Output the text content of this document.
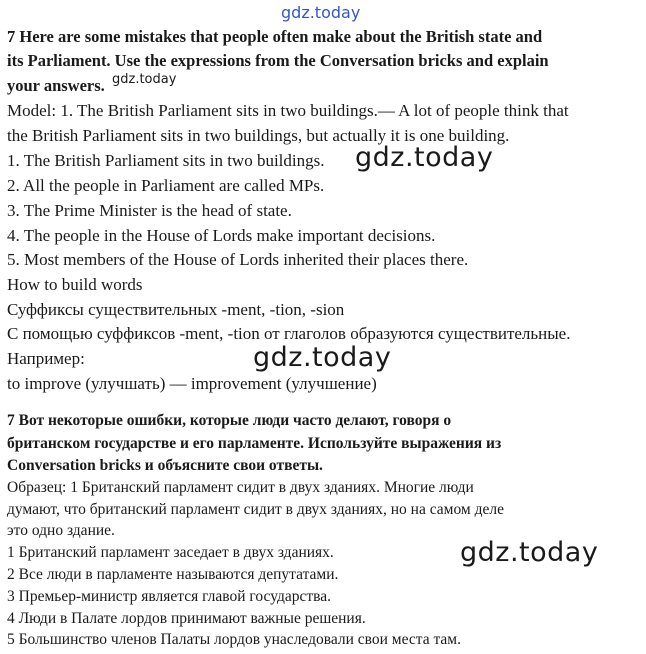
gdz.today
7 Here are some mistakes that people often make about the British state and
its Parliament. Use the expressions from the Conversation bricks and explain
your answers. gdz.today
Model: 1. The British Parliament sits in two buildings.— A lot of people think that
the British Parliament sits in two buildings, but actually it is one building.
1. The British Parliament sits in two buildings. gdz.today
2. All the people in Parliament are called MPs.
3. The Prime Minister is the head of state.
4. The people in the House of Lords make important decisions.
5. Most members of the House of Lords inherited their places there.
How to build words
Суффиксы существительных -ment, -tion, -sion
С помощью суффиксов -ment, -tion от глаголов образуются существительные.
Например:	gdz.today
to improve (улучшать) — improvement (улучшение)
7 Вот некоторые ошибки, которые люди часто делают, говоря о
британском государстве и его парламенте. Используйте выражения из
Conversation bricks и объясните свои ответы.
Образец: 1 Британский парламент сидит в двух зданиях. Многие люди
думают, что британский парламент сидит в двух зданиях, но на самом деле
это одно здание.
1 Британский парламент заседает в двух зданиях.	gdz.today
2 Все люди в парламенте называются депутатами.
3 Премьер-министр является главой государства.
4 Люди в Палате лордов принимают важные решения.
5 Большинство членов Палаты лордов унаследовали свои места там.
